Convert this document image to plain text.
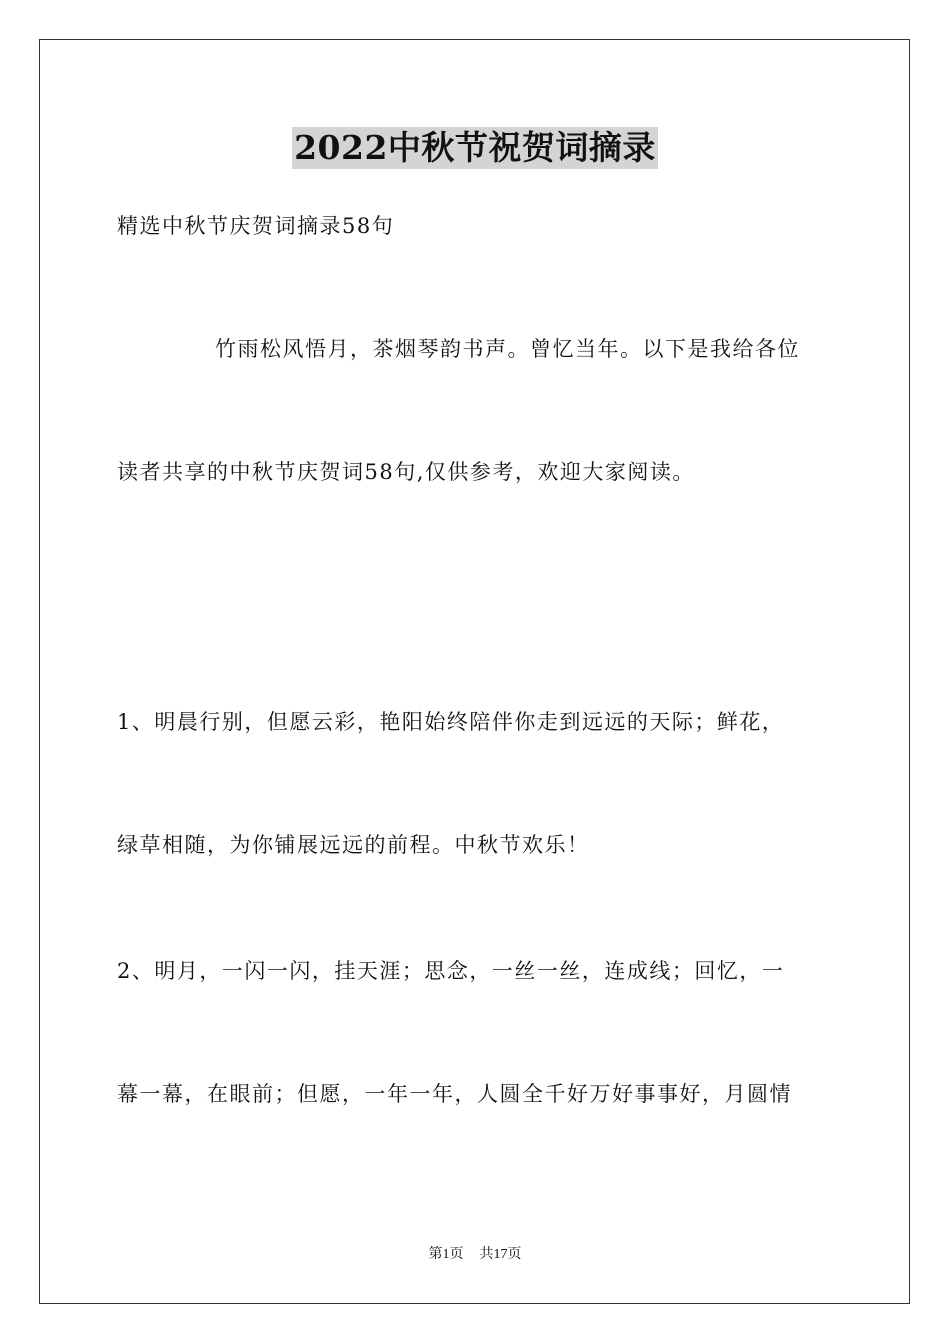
2022中秋节祝贺词摘录

精选中秋节庆贺词摘录58句

竹雨松风悟月，茶烟琴韵书声。曾忆当年。以下是我给各位

读者共享的中秋节庆贺词58句,仅供参考，欢迎大家阅读。

1、明晨行别，但愿云彩，艳阳始终陪伴你走到远远的天际；鲜花，

绿草相随，为你铺展远远的前程。中秋节欢乐！

2、明月，一闪一闪，挂天涯；思念，一丝一丝，连成线；回忆，一

幕一幕，在眼前；但愿，一年一年，人圆全千好万好事事好，月圆情

第1页 共17页
